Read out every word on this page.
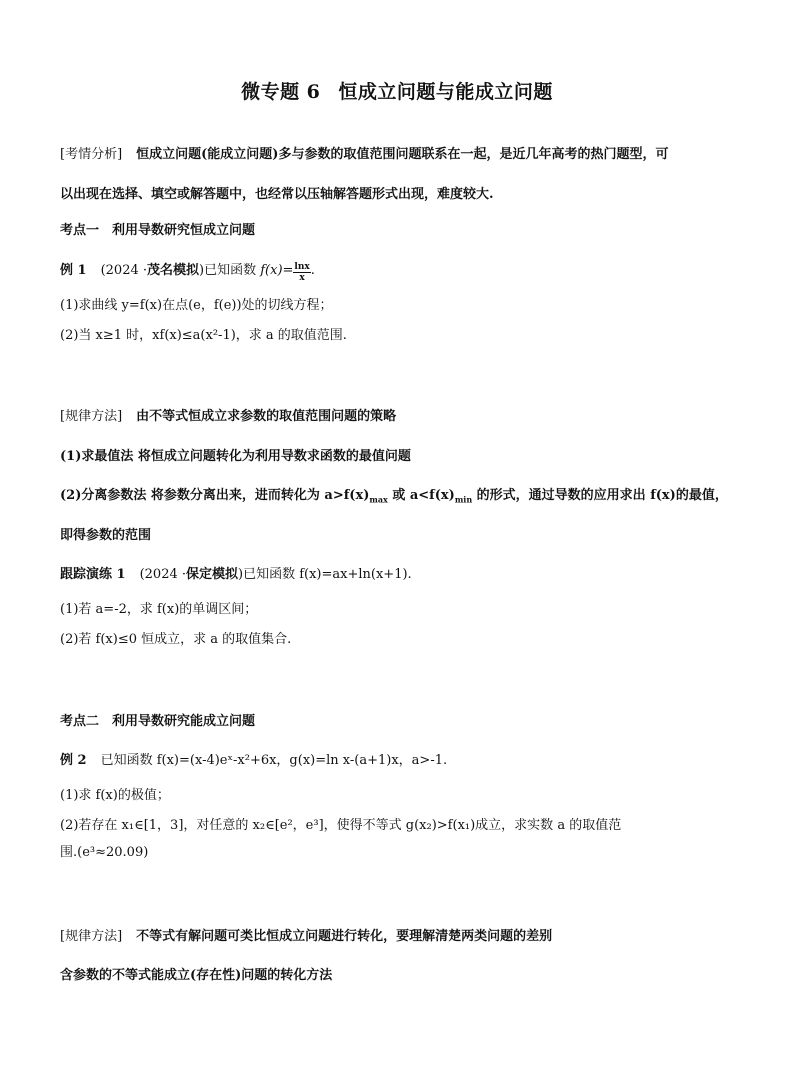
微专题 6 恒成立问题与能成立问题
[考情分析] 恒成立问题(能成立问题)多与参数的取值范围问题联系在一起，是近几年高考的热门题型，可
以出现在选择、填空或解答题中，也经常以压轴解答题形式出现，难度较大.
考点一　利用导数研究恒成立问题
例 1 (2024 ·茂名模拟)已知函数 $f(x)= \frac{\ln x}{x}$ .
(1)求曲线 y=f(x)在点(e，f(e))处的切线方程；
(2)当 x≥1 时，xf(x)≤a(x²-1)，求 a 的取值范围.
[规律方法] 由不等式恒成立求参数的取值范围问题的策略
(1)求最值法 将恒成立问题转化为利用导数求函数的最值问题
(2)分离参数法 将参数分离出来，进而转化为 $a>f(x)_{max}$ 或 $a<f(x)_{min}$ 的形式，通过导数的应用求出 f(x)的最值，
即得参数的范围
跟踪演练 1 (2024 ·保定模拟)已知函数 f(x)=ax+ln(x+1).
(1)若 a=-2，求 f(x)的单调区间；
(2)若 f(x)≤0 恒成立，求 a 的取值集合.
考点二　利用导数研究能成立问题
例 2 已知函数 f(x)=(x-4)eˣ-x²+6x，g(x)=ln x-(a+1)x，a>-1.
(1)求 f(x)的极值；
(2)若存在 x₁∈[1，3]，对任意的 x₂∈[e²，e³]，使得不等式 g(x₂)>f(x₁)成立，求实数 a 的取值范
围.(e³≈20.09)
[规律方法] 不等式有解问题可类比恒成立问题进行转化，要理解清楚两类问题的差别
含参数的不等式能成立(存在性)问题的转化方法
